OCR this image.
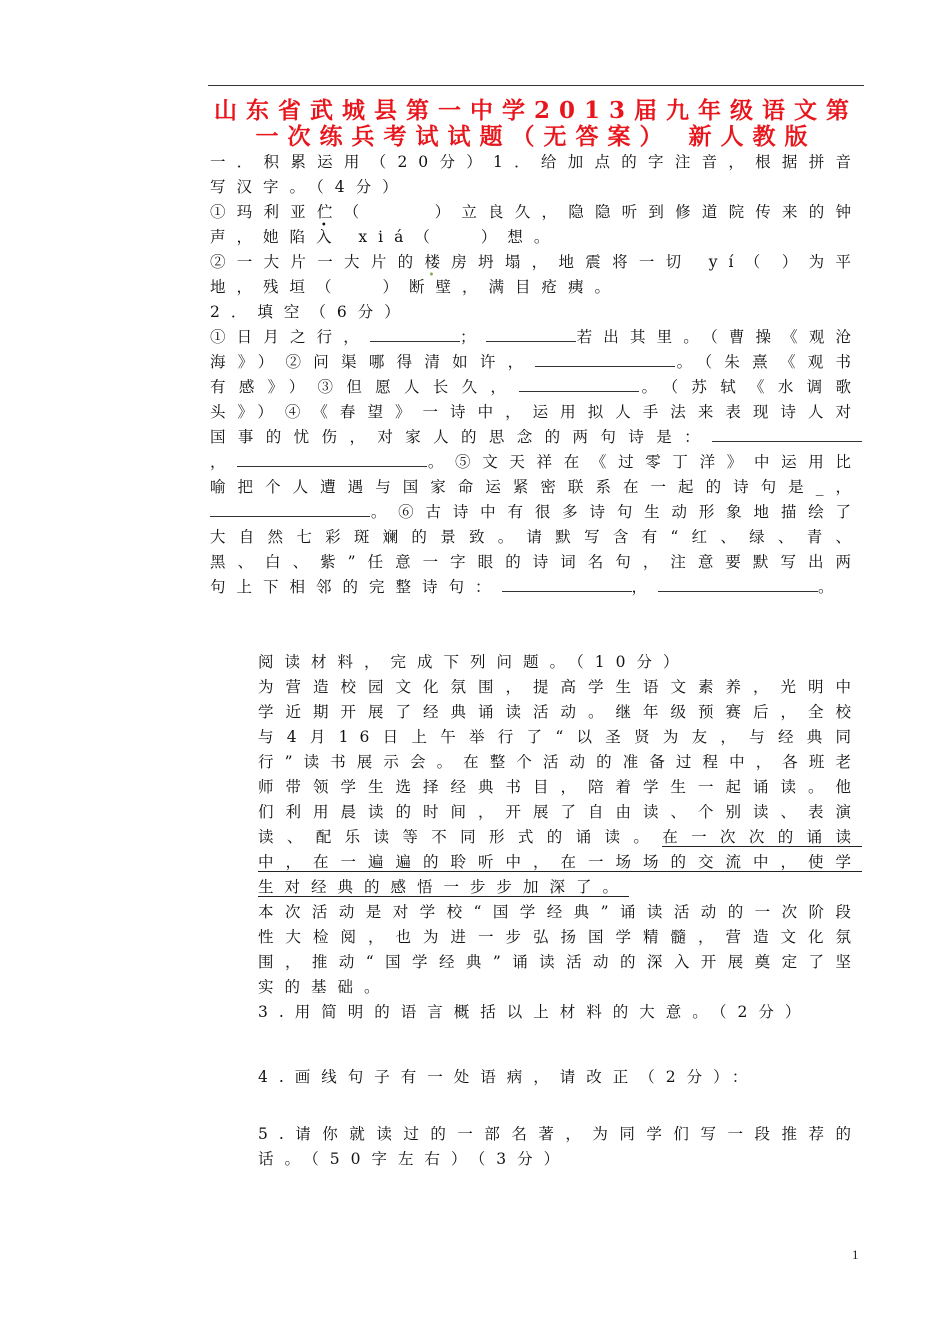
山东省武城县第一中学2013届九年级语文第一次练兵考试试题（无答案） 新人教版

一．积累运用（20分）1．给加点的字注音，根据拼音写汉字。（4分）

①玛利亚伫（	）立良久，隐隐听到修道院传来的钟声，她陷入 xiá（	）想。

②一大片一大片的楼房坍塌，地震将一切 yí（ ）为平地，残垣（	）断壁，满目疮痍。

2．填空（6分）

①日月之行，	；	若出其里。（曹操《观沧海》）②问渠哪得清如许，	。（朱熹《观书有感》）③但愿人长久，	。（苏轼《水调歌头》）④《春望》一诗中，运用拟人手法来表现诗人对国事的忧伤，对家人的思念的两句诗是：，	。⑤文天祥在《过零丁洋》中运用比喻把个人遭遇与国家命运紧密联系在一起的诗句是_，。⑥古诗中有很多诗句生动形象地描绘了大自然七彩斑斓的景致。请默写含有“红、绿、青、黑、白、紫”任意一字眼的诗词名句，注意要默写出两句上下相邻的完整诗句：	，	。

阅读材料，完成下列问题。（10分）

为营造校园文化氛围，提高学生语文素养，光明中学近期开展了经典诵读活动。继年级预赛后，全校与4月16日上午举行了“以圣贤为友，与经典同行”读书展示会。在整个活动的准备过程中，各班老师带领学生选择经典书目，陪着学生一起诵读。他们利用晨读的时间，开展了自由读、个别读、表演读、配乐读等不同形式的诵读。在一次次的诵读中，在一遍遍的聆听中，在一场场的交流中，使学生对经典的感悟一步步加深了。

本次活动是对学校“国学经典”诵读活动的一次阶段性大检阅，也为进一步弘扬国学精髓，营造文化氛围，推动“国学经典”诵读活动的深入开展奠定了坚实的基础。

3.用简明的语言概括以上材料的大意。（2分）

4.画线句子有一处语病，请改正（2分）：

5.请你就读过的一部名著，为同学们写一段推荐的话。（50字左右）（3分）

1
